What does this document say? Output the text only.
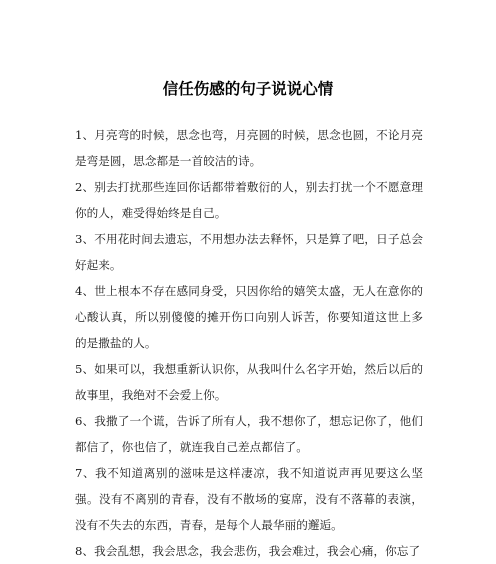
信任伤感的句子说说心情

1、月亮弯的时候，思念也弯，月亮圆的时候，思念也圆，不论月亮是弯是圆，思念都是一首皎洁的诗。

2、别去打扰那些连回你话都带着敷衍的人，别去打扰一个不愿意理你的人，难受得始终是自己。

3、不用花时间去遗忘，不用想办法去释怀，只是算了吧，日子总会好起来。

4、世上根本不存在感同身受，只因你给的嬉笑太盛，无人在意你的心酸认真，所以别傻傻的摊开伤口向别人诉苦，你要知道这世上多的是撒盐的人。

5、如果可以，我想重新认识你，从我叫什么名字开始，然后以后的故事里，我绝对不会爱上你。

6、我撒了一个谎，告诉了所有人，我不想你了，想忘记你了，他们都信了，你也信了，就连我自己差点都信了。

7、我不知道离别的滋味是这样凄凉，我不知道说声再见要这么坚强。没有不离别的青春，没有不散场的宴席，没有不落幕的表演，没有不失去的东西，青春，是每个人最华丽的邂逅。

8、我会乱想，我会思念，我会悲伤，我会难过，我会心痛，你忘了
